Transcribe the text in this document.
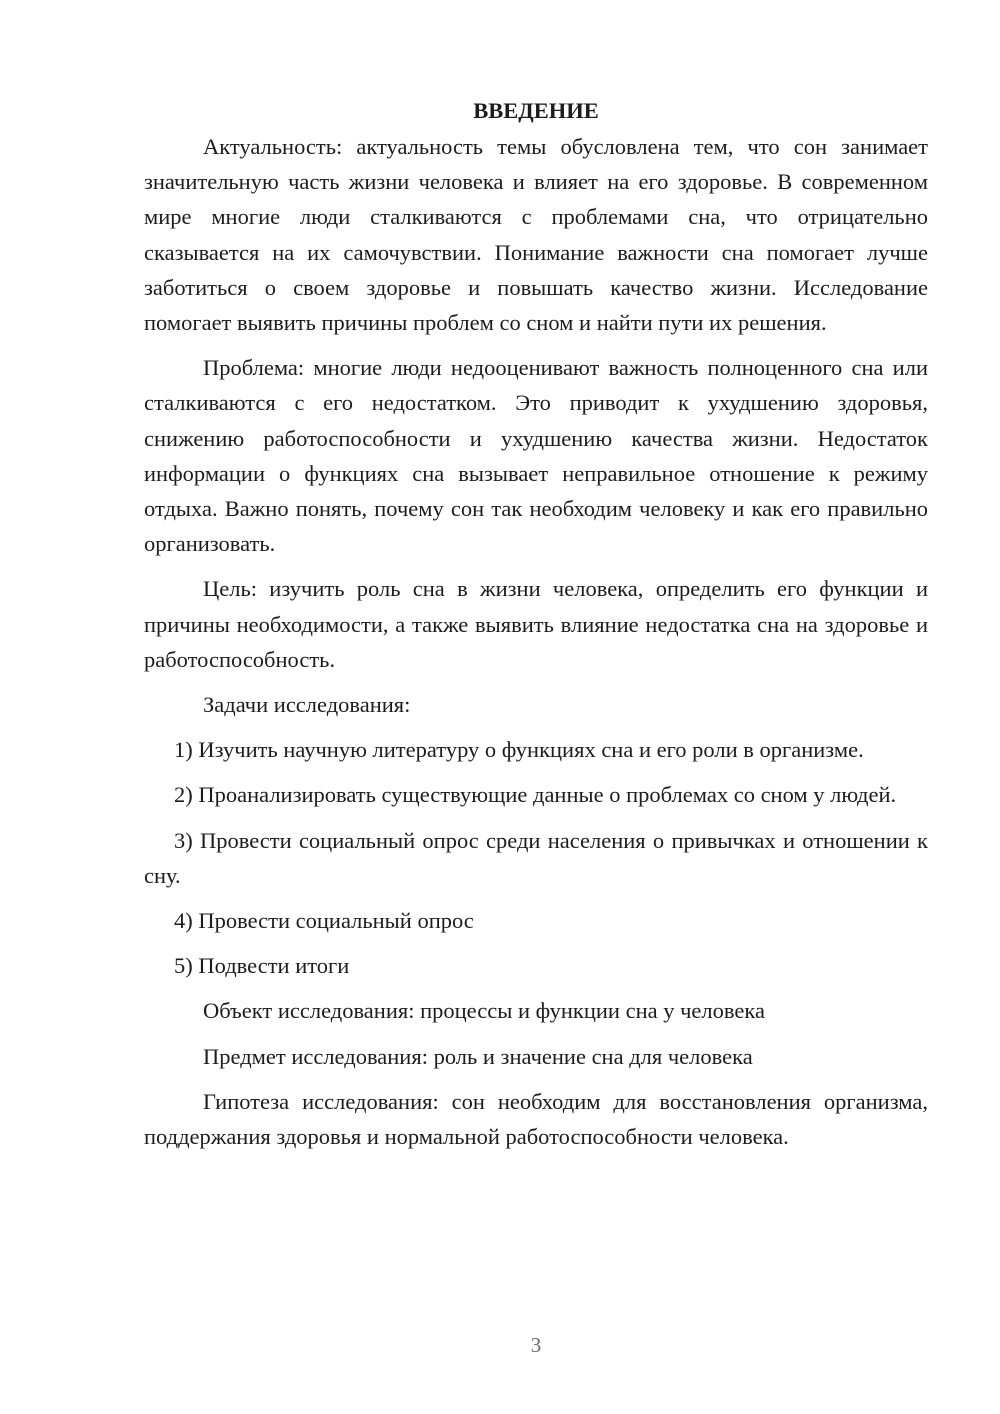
ВВЕДЕНИЕ

Актуальность: актуальность темы обусловлена тем, что сон занимает значительную часть жизни человека и влияет на его здоровье. В современном мире многие люди сталкиваются с проблемами сна, что отрицательно сказывается на их самочувствии. Понимание важности сна помогает лучше заботиться о своем здоровье и повышать качество жизни. Исследование помогает выявить причины проблем со сном и найти пути их решения.

Проблема: многие люди недооценивают важность полноценного сна или сталкиваются с его недостатком. Это приводит к ухудшению здоровья, снижению работоспособности и ухудшению качества жизни. Недостаток информации о функциях сна вызывает неправильное отношение к режиму отдыха. Важно понять, почему сон так необходим человеку и как его правильно организовать.

Цель: изучить роль сна в жизни человека, определить его функции и причины необходимости, а также выявить влияние недостатка сна на здоровье и работоспособность.

Задачи исследования:

1) Изучить научную литературу о функциях сна и его роли в организме.

2) Проанализировать существующие данные о проблемах со сном у людей.

3) Провести социальный опрос среди населения о привычках и отношении к сну.

4) Провести социальный опрос

5) Подвести итоги

Объект исследования: процессы и функции сна у человека

Предмет исследования: роль и значение сна для человека

Гипотеза исследования: сон необходим для восстановления организма, поддержания здоровья и нормальной работоспособности человека.

3
